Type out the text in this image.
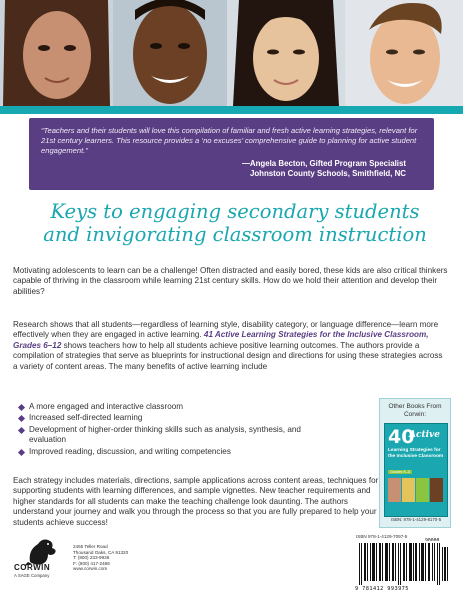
“Teachers and their students will love this compilation of familiar and fresh active learning strategies, relevant for 21st century learners. This resource provides a ‘no excuses’ comprehensive guide to planning for active student engagement.”
—Angela Becton, Gifted Program Specialist
Johnston County Schools, Smithfield, NC
Keys to engaging secondary students and invigorating classroom instruction
Motivating adolescents to learn can be a challenge! Often distracted and easily bored, these kids are also critical thinkers capable of thriving in the classroom while learning 21st century skills. How do we hold their attention and develop their abilities?
Research shows that all students—regardless of learning style, disability category, or language difference—learn more effectively when they are engaged in active learning. 41 Active Learning Strategies for the Inclusive Classroom, Grades 6–12 shows teachers how to help all students achieve positive learning outcomes. The authors provide a compilation of strategies that serve as blueprints for instructional design and directions for using these strategies across a variety of content areas. The many benefits of active learning include
A more engaged and interactive classroom
Increased self-directed learning
Development of higher-order thinking skills such as analysis, synthesis, and evaluation
Improved reading, discussion, and writing competencies
Each strategy includes materials, directions, sample applications across content areas, techniques for supporting students with learning differences, and sample vignettes. New teacher requirements and higher standards for all students can make the teaching challenge look daunting. The authors understand your journey and walk you through the process so that you are fully prepared to help your students achieve success!
Other Books From Corwin:
40
Active
Learning Strategies for the Inclusive Classroom
Grades K–5
ISBN: 978-1-4129-8170-5
CORWIN
A SAGE Company
2455 Teller Road
Thousand Oaks, CA 91320
T: (800) 233-9936
F: (800) 417-2466
www.corwin.com
ISBN 978-1-4129-7097-5
9 781412 993975
